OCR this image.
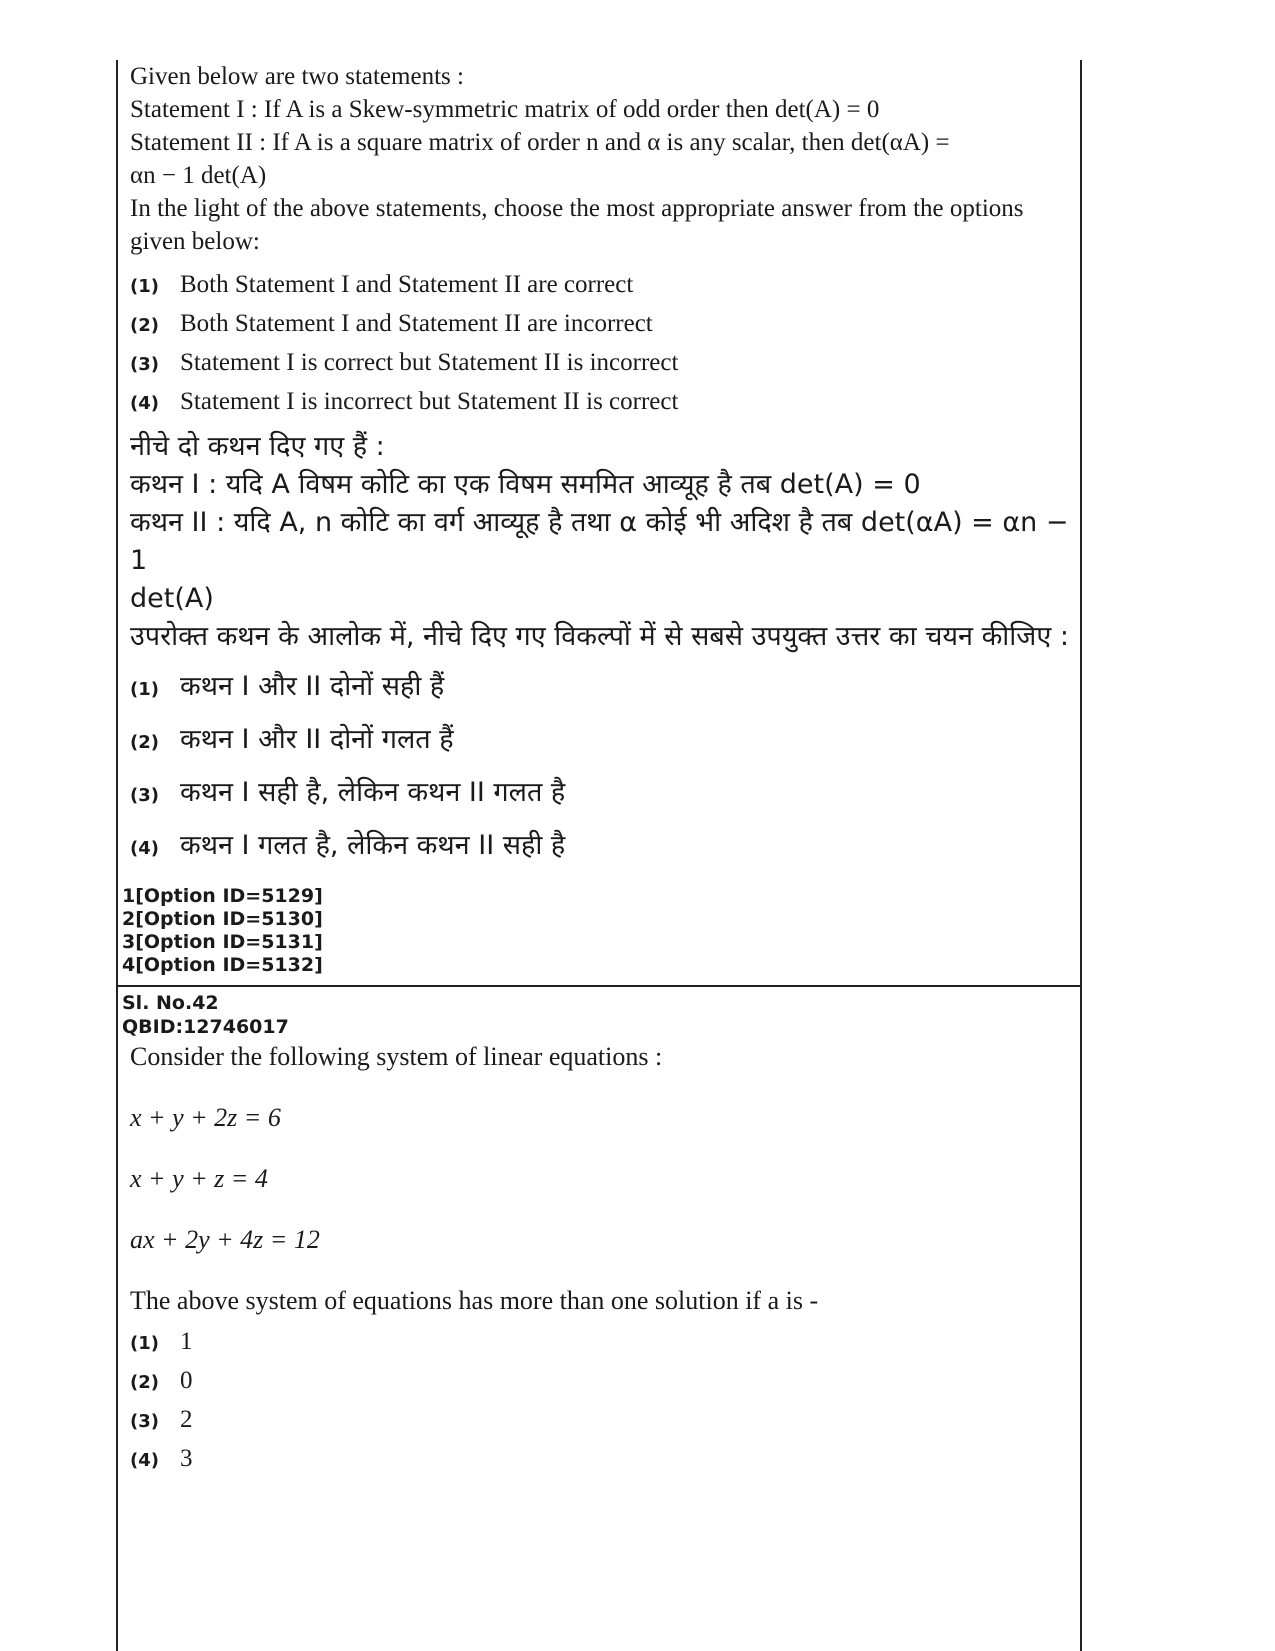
Given below are two statements :
Statement I : If A is a Skew-symmetric matrix of odd order then det(A) = 0
Statement II : If A is a square matrix of order n and α is any scalar, then det(αA) =
αn − 1 det(A)
In the light of the above statements, choose the most appropriate answer from the options given below:
(1) Both Statement I and Statement II are correct
(2) Both Statement I and Statement II are incorrect
(3) Statement I is correct but Statement II is incorrect
(4) Statement I is incorrect but Statement II is correct
नीचे दो कथन दिए गए हैं :
कथन I : यदि A विषम कोटि का एक विषम सममित आव्यूह है तब det(A) = 0
कथन II : यदि A, n कोटि का वर्ग आव्यूह है तथा α कोई भी अदिश है तब det(αA) = αn − 1
det(A)
उपरोक्त कथन के आलोक में, नीचे दिए गए विकल्पों में से सबसे उपयुक्त उत्तर का चयन कीजिए :
(1) कथन I और II दोनों सही हैं
(2) कथन I और II दोनों गलत हैं
(3) कथन I सही है, लेकिन कथन II गलत है
(4) कथन I गलत है, लेकिन कथन II सही है
1[Option ID=5129]
2[Option ID=5130]
3[Option ID=5131]
4[Option ID=5132]
Sl. No.42
QBID:12746017
Consider the following system of linear equations :
x + y + 2z = 6
x + y + z = 4
ax + 2y + 4z = 12
The above system of equations has more than one solution if a is -
(1) 1
(2) 0
(3) 2
(4) 3
